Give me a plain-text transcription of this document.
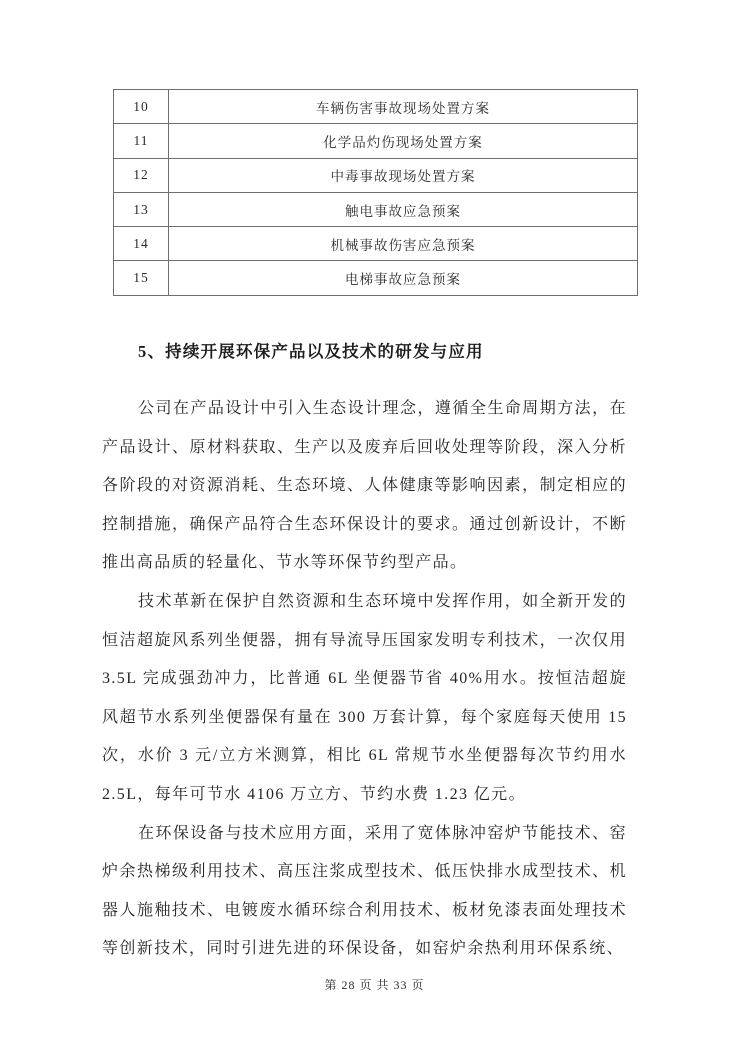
10	车辆伤害事故现场处置方案
11	化学品灼伤现场处置方案
12	中毒事故现场处置方案
13	触电事故应急预案
14	机械事故伤害应急预案
15	电梯事故应急预案
5、持续开展环保产品以及技术的研发与应用

公司在产品设计中引入生态设计理念，遵循全生命周期方法，在产品设计、原材料获取、生产以及废弃后回收处理等阶段，深入分析各阶段的对资源消耗、生态环境、人体健康等影响因素，制定相应的控制措施，确保产品符合生态环保设计的要求。通过创新设计，不断推出高品质的轻量化、节水等环保节约型产品。

技术革新在保护自然资源和生态环境中发挥作用，如全新开发的恒洁超旋风系列坐便器，拥有导流导压国家发明专利技术，一次仅用 3.5L 完成强劲冲力，比普通 6L 坐便器节省 40%用水。按恒洁超旋风超节水系列坐便器保有量在 300 万套计算，每个家庭每天使用 15 次，水价 3 元/立方米测算，相比 6L 常规节水坐便器每次节约用水 2.5L，每年可节水 4106 万立方、节约水费 1.23 亿元。

在环保设备与技术应用方面，采用了宽体脉冲窑炉节能技术、窑炉余热梯级利用技术、高压注浆成型技术、低压快排水成型技术、机器人施釉技术、电镀废水循环综合利用技术、板材免漆表面处理技术等创新技术，同时引进先进的环保设备，如窑炉余热利用环保系统、

第 28 页 共 33 页
